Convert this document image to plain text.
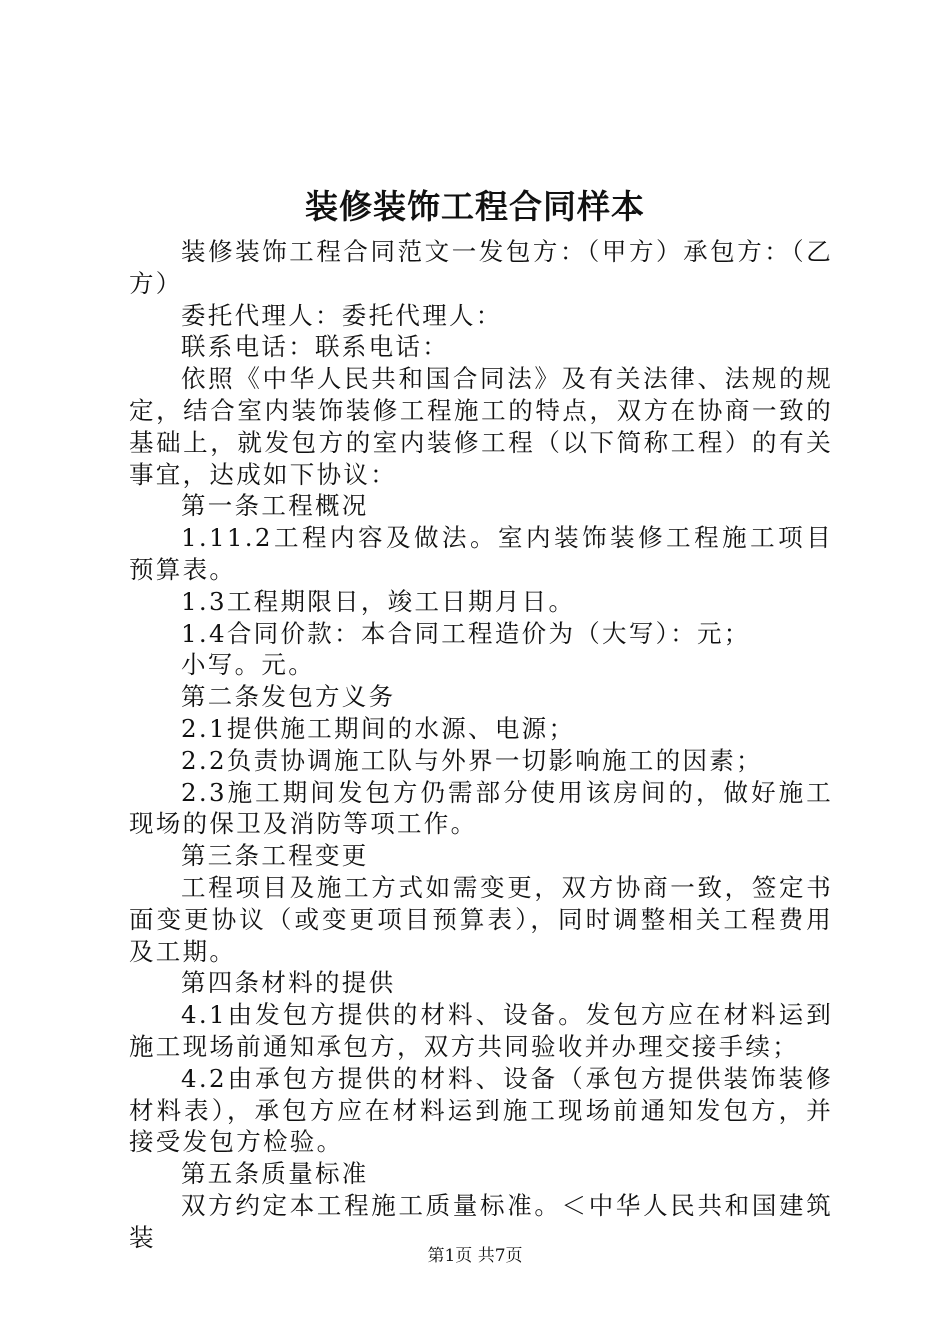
装修装饰工程合同样本

装修装饰工程合同范文一发包方：（甲方）承包方：（乙方）

委托代理人：委托代理人：

联系电话：联系电话：

依照《中华人民共和国合同法》及有关法律、法规的规定，结合室内装饰装修工程施工的特点，双方在协商一致的基础上，就发包方的室内装修工程（以下简称工程）的有关事宜，达成如下协议：

第一条工程概况

1.11.2工程内容及做法。室内装饰装修工程施工项目预算表。

1.3工程期限日，竣工日期月日。

1.4合同价款：本合同工程造价为（大写）：元；

小写。元。

第二条发包方义务

2.1提供施工期间的水源、电源；

2.2负责协调施工队与外界一切影响施工的因素；

2.3施工期间发包方仍需部分使用该房间的，做好施工现场的保卫及消防等项工作。

第三条工程变更

工程项目及施工方式如需变更，双方协商一致，签定书面变更协议（或变更项目预算表），同时调整相关工程费用及工期。

第四条材料的提供

4.1由发包方提供的材料、设备。发包方应在材料运到施工现场前通知承包方，双方共同验收并办理交接手续；

4.2由承包方提供的材料、设备（承包方提供装饰装修材料表），承包方应在材料运到施工现场前通知发包方，并接受发包方检验。

第五条质量标准

双方约定本工程施工质量标准。＜中华人民共和国建筑装

第1页 共7页
